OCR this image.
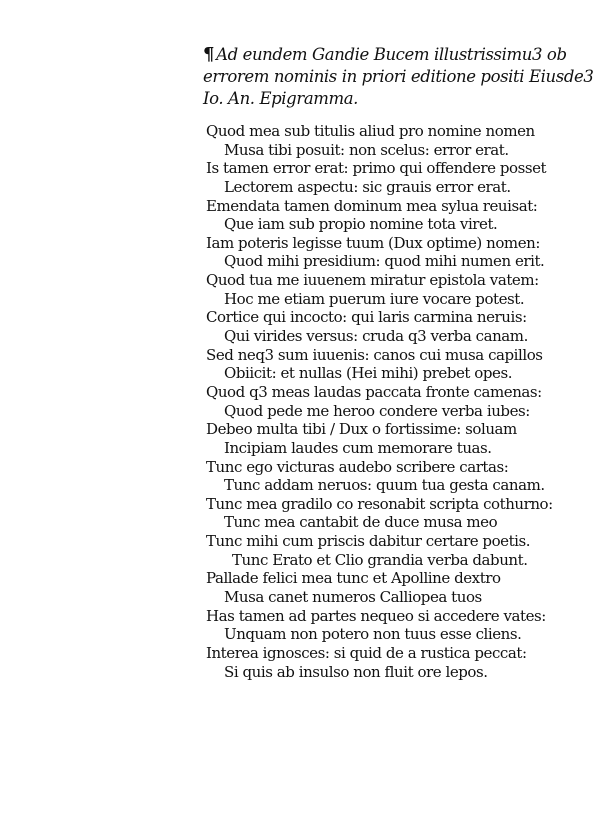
¶ Ad eundem Gandie Bucem illustrissimu3 ob
errorem nominis in priori editione positi Eiusde3
Io. An. Epigramma.
Quod mea sub titulis aliud pro nomine nomen
Musa tibi posuit: non scelus: error erat.
Is tamen error erat: primo qui offendere posset
Lectorem aspectu: sic grauis error erat.
Emendata tamen dominum mea sylua reuisat:
Que iam sub propio nomine tota viret.
Iam poteris legisse tuum (Dux optime) nomen:
Quod mihi presidium: quod mihi numen erit.
Quod tua me iuuenem miratur epistola vatem:
Hoc me etiam puerum iure vocare potest.
Cortice qui incocto: qui laris carmina neruis:
Qui virides versus: cruda q3 verba canam.
Sed neq3 sum iuuenis: canos cui musa capillos
Obiicit: et nullas (Hei mihi) prebet opes.
Quod q3 meas laudas paccata fronte camenas:
Quod pede me heroo condere verba iubes:
Debeo multa tibi / Dux o fortissime: soluam
Incipiam laudes cum memorare tuas.
Tunc ego victuras audebo scribere cartas:
Tunc addam neruos: quum tua gesta canam.
Tunc mea gradilo co resonabit scripta cothurno:
Tunc mea cantabit de duce musa meo
Tunc mihi cum priscis dabitur certare poetis.
Tunc Erato et Clio grandia verba dabunt.
Pallade felici mea tunc et Apolline dextro
Musa canet numeros Calliopea tuos
Has tamen ad partes nequeo si accedere vates:
Unquam non potero non tuus esse cliens.
Interea ignosces: si quid de a rustica peccat:
Si quis ab insulso non fluit ore lepos.
